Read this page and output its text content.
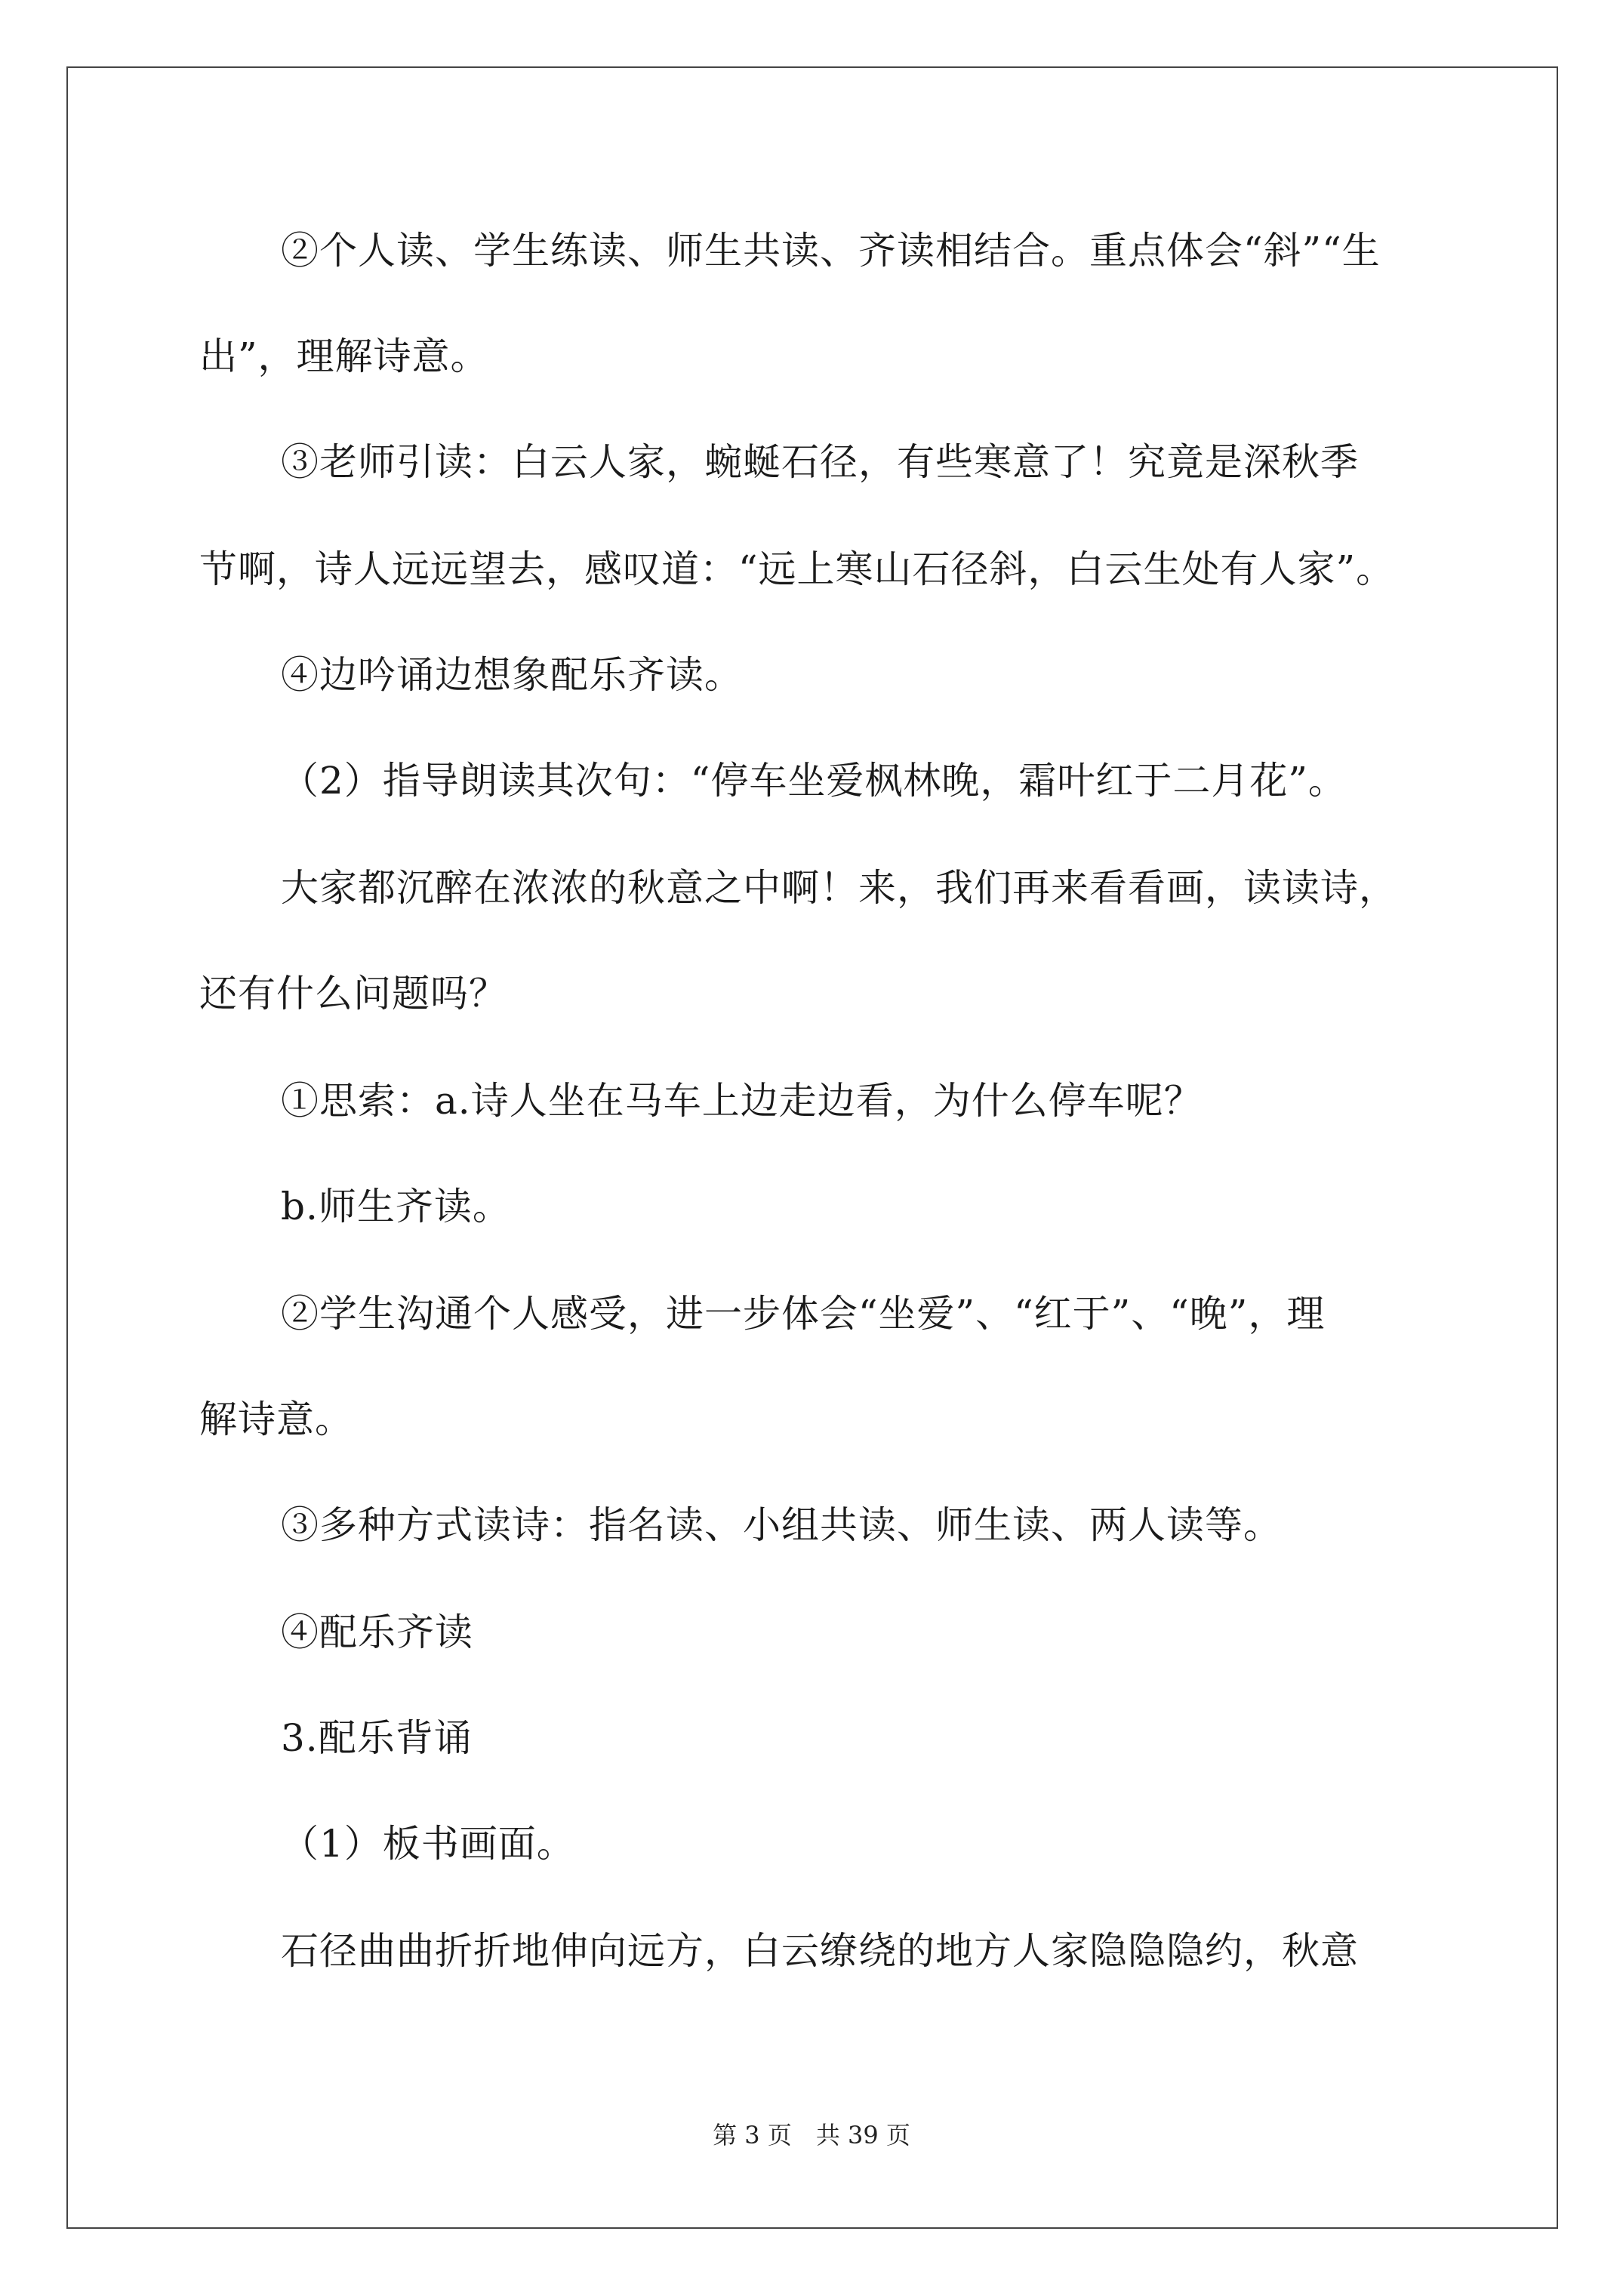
②个人读、学生练读、师生共读、齐读相结合。重点体会“斜”“生
出”，理解诗意。
③老师引读：白云人家，蜿蜒石径，有些寒意了！究竟是深秋季
节啊，诗人远远望去，感叹道：“远上寒山石径斜，白云生处有人家”。
④边吟诵边想象配乐齐读。
（2）指导朗读其次句：“停车坐爱枫林晚，霜叶红于二月花”。
大家都沉醉在浓浓的秋意之中啊！来，我们再来看看画，读读诗，
还有什么问题吗？
①思索：a.诗人坐在马车上边走边看，为什么停车呢？
b.师生齐读。
②学生沟通个人感受，进一步体会“坐爱”、“红于”、“晚”，理
解诗意。
③多种方式读诗：指名读、小组共读、师生读、两人读等。
④配乐齐读
3.配乐背诵
（1）板书画面。
石径曲曲折折地伸向远方，白云缭绕的地方人家隐隐隐约，秋意
第 3 页　共 39 页
